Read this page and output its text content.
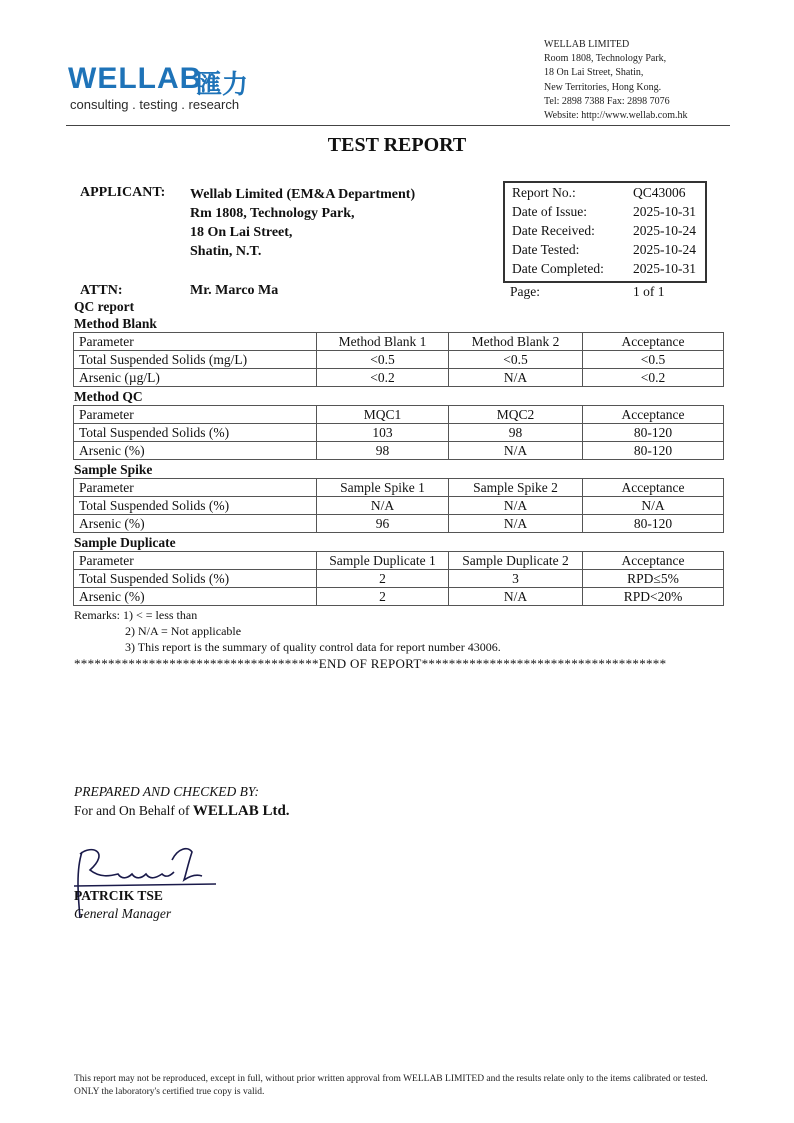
WELLAB
匯力
consulting . testing . research
WELLAB LIMITED
Room 1808, Technology Park,
18 On Lai Street, Shatin,
New Territories, Hong Kong.
Tel: 2898 7388 Fax: 2898 7076
Website: http://www.wellab.com.hk
TEST REPORT
APPLICANT: Wellab Limited (EM&A Department)
Rm 1808, Technology Park,
18 On Lai Street,
Shatin, N.T.
ATTN:	Mr. Marco Ma
Report No.:	QC43006
Date of Issue:	2025-10-31
Date Received:	2025-10-24
Date Tested:	2025-10-24
Date Completed: 2025-10-31
Page:	1 of 1
QC report
Method Blank
Parameter	Method Blank 1	Method Blank 2	Acceptance
Total Suspended Solids (mg/L)	<0.5	<0.5	<0.5
Arsenic (µg/L)	<0.2	N/A	<0.2
Method QC
Parameter	MQC1	MQC2	Acceptance
Total Suspended Solids (%)	103	98	80-120
Arsenic (%)	98	N/A	80-120
Sample Spike
Parameter	Sample Spike 1	Sample Spike 2	Acceptance
Total Suspended Solids (%)	N/A	N/A	N/A
Arsenic (%)	96	N/A	80-120
Sample Duplicate
Parameter	Sample Duplicate 1	Sample Duplicate 2	Acceptance
Total Suspended Solids (%)	2	3	RPD≤5%
Arsenic (%)	2	N/A	RPD<20%
Remarks: 1) < = less than
2) N/A = Not applicable
3) This report is the summary of quality control data for report number 43006.
************************************END OF REPORT************************************
PREPARED AND CHECKED BY:
For and On Behalf of WELLAB Ltd.
PATRCIK TSE
General Manager
This report may not be reproduced, except in full, without prior written approval from WELLAB LIMITED and the results relate only to the items calibrated or tested. ONLY the laboratory's certified true copy is valid.
